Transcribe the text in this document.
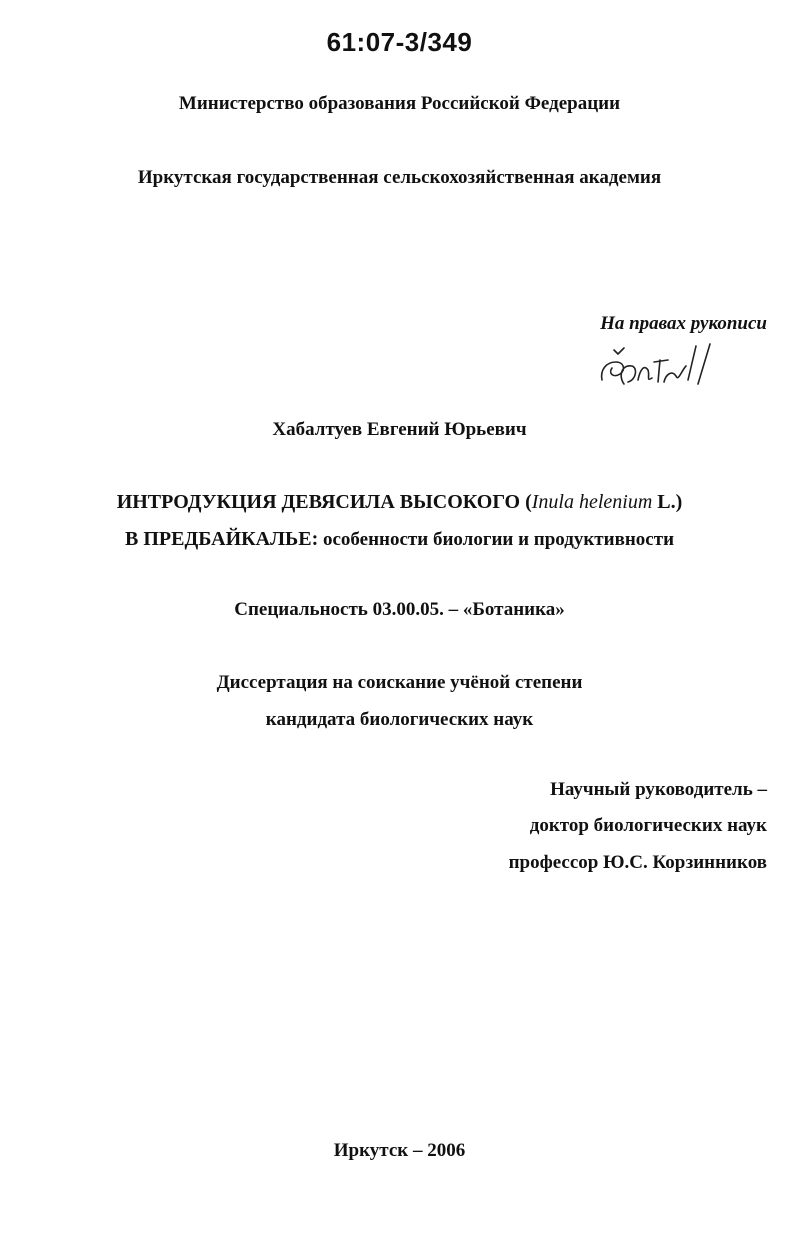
61:07-3/349
Министерство образования Российской Федерации
Иркутская государственная сельскохозяйственная академия
На правах рукописи
Хабалтуев Евгений Юрьевич
ИНТРОДУКЦИЯ ДЕВЯСИЛА ВЫСОКОГО (Inula helenium L.)
В ПРЕДБАЙКАЛЬЕ: особенности биологии и продуктивности
Специальность 03.00.05. – «Ботаника»
Диссертация на соискание учёной степени
кандидата биологических наук
Научный руководитель –
доктор биологических наук
профессор Ю.С. Корзинников
Иркутск – 2006
